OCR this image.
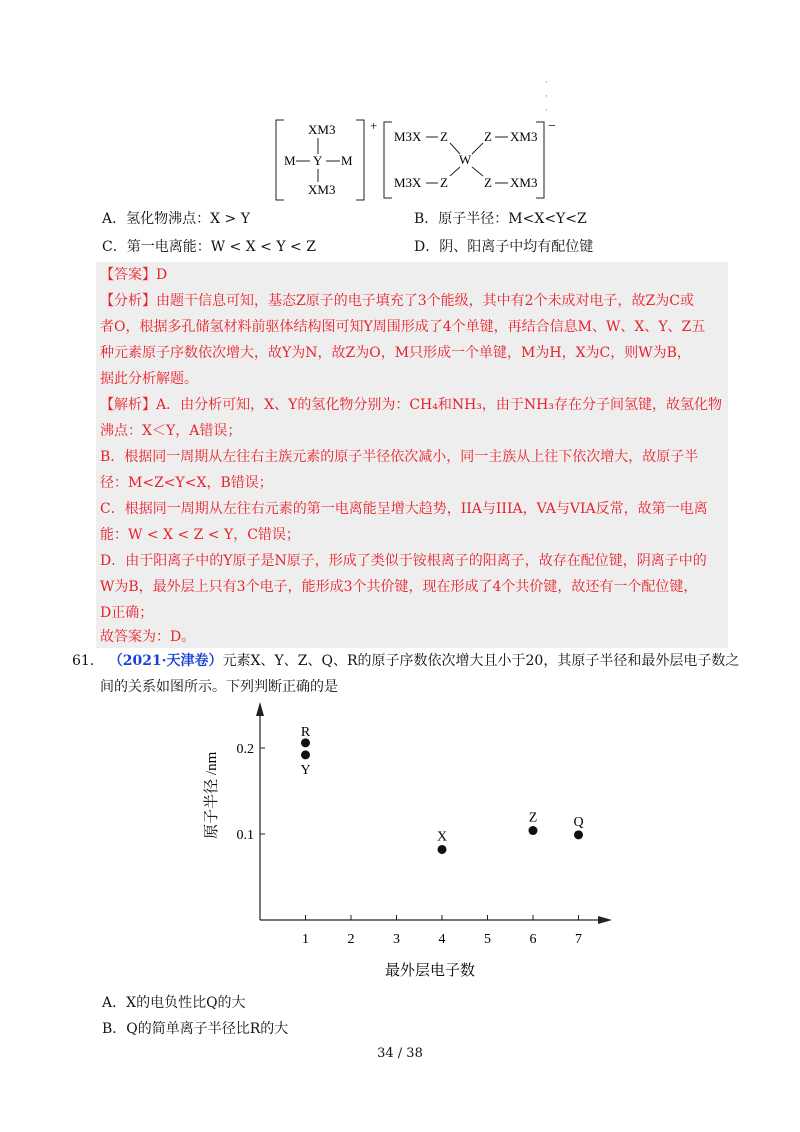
·
·
·
+
XM3
M Y M
XM3
−
M3X Z	Z XM3
W
M3X Z	Z XM3
A．氢化物沸点：X > Y	B．原子半径：M<X<Y<Z
C．第一电离能：W < X < Y < Z	D．阴、阳离子中均有配位键
【答案】D
【分析】由题干信息可知，基态Z原子的电子填充了3个能级，其中有2个未成对电子，故Z为C或
者O，根据多孔储氢材料前驱体结构图可知Y周围形成了4个单键，再结合信息M、W、X、Y、Z五
种元素原子序数依次增大，故Y为N，故Z为O，M只形成一个单键，M为H，X为C，则W为B，
据此分析解题。
【解析】A．由分析可知，X、Y的氢化物分别为：CH₄和NH₃，由于NH₃存在分子间氢键，故氢化物
沸点：X＜Y，A错误；
B．根据同一周期从左往右主族元素的原子半径依次减小，同一主族从上往下依次增大，故原子半
径：M<Z<Y<X，B错误；
C．根据同一周期从左往右元素的第一电离能呈增大趋势，IIA与IIIA，VA与VIA反常，故第一电离
能：W < X < Z < Y，C错误；
D．由于阳离子中的Y原子是N原子，形成了类似于铵根离子的阳离子，故存在配位键，阴离子中的
W为B，最外层上只有3个电子，能形成3个共价键，现在形成了4个共价键，故还有一个配位键，
D正确；
故答案为：D。
61. （2021·天津卷）元素X、Y、Z、Q、R的原子序数依次增大且小于20，其原子半径和最外层电子数之
间的关系如图所示。下列判断正确的是
1	2	3	4	5	6	7
0.1
0.2
最外层电子数
原子半径 /nm
R
Y
X
Z	Q
A．X的电负性比Q的大
B．Q的简单离子半径比R的大
34 / 38
